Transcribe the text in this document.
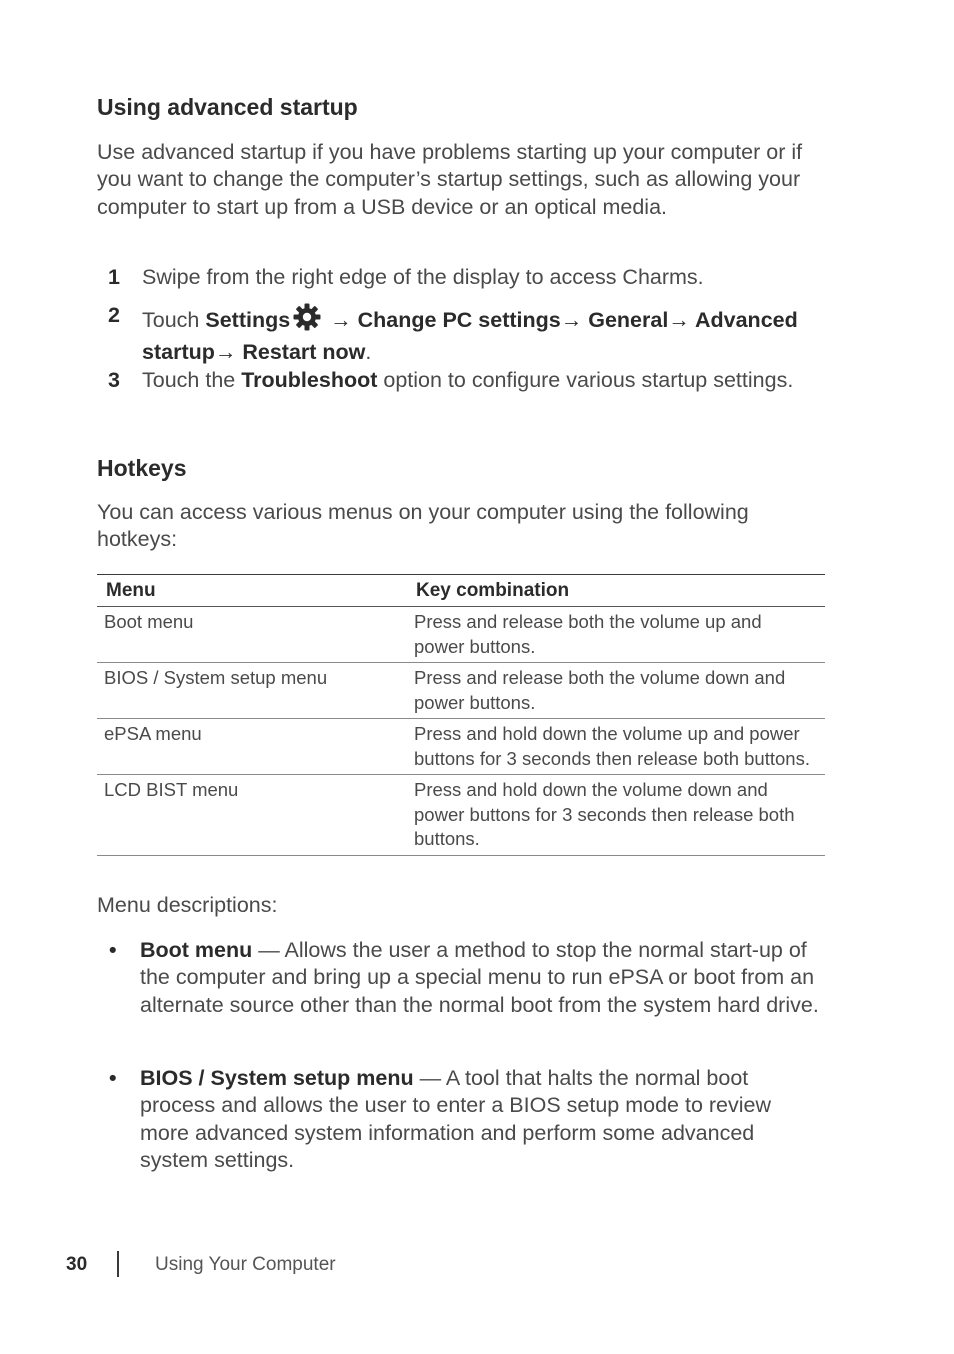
Using advanced startup

Use advanced startup if you have problems starting up your computer or if you want to change the computer’s startup settings, such as allowing your computer to start up from a USB device or an optical media.

1 Swipe from the right edge of the display to access Charms.
2 Touch Settings → Change PC settings→ General→ Advanced startup→ Restart now.
3 Touch the Troubleshoot option to configure various startup settings.
Hotkeys

You can access various menus on your computer using the following hotkeys:

Menu	Key combination
Boot menu	Press and release both the volume up and power buttons.
BIOS / System setup menu	Press and release both the volume down and power buttons.
ePSA menu	Press and hold down the volume up and power buttons for 3 seconds then release both buttons.
LCD BIST menu	Press and hold down the volume down and power buttons for 3 seconds then release both buttons.

Menu descriptions:

• Boot menu — Allows the user a method to stop the normal start-up of the computer and bring up a special menu to run ePSA or boot from an alternate source other than the normal boot from the system hard drive.
• BIOS / System setup menu — A tool that halts the normal boot process and allows the user to enter a BIOS setup mode to review more advanced system information and perform some advanced system settings.
30	Using Your Computer
